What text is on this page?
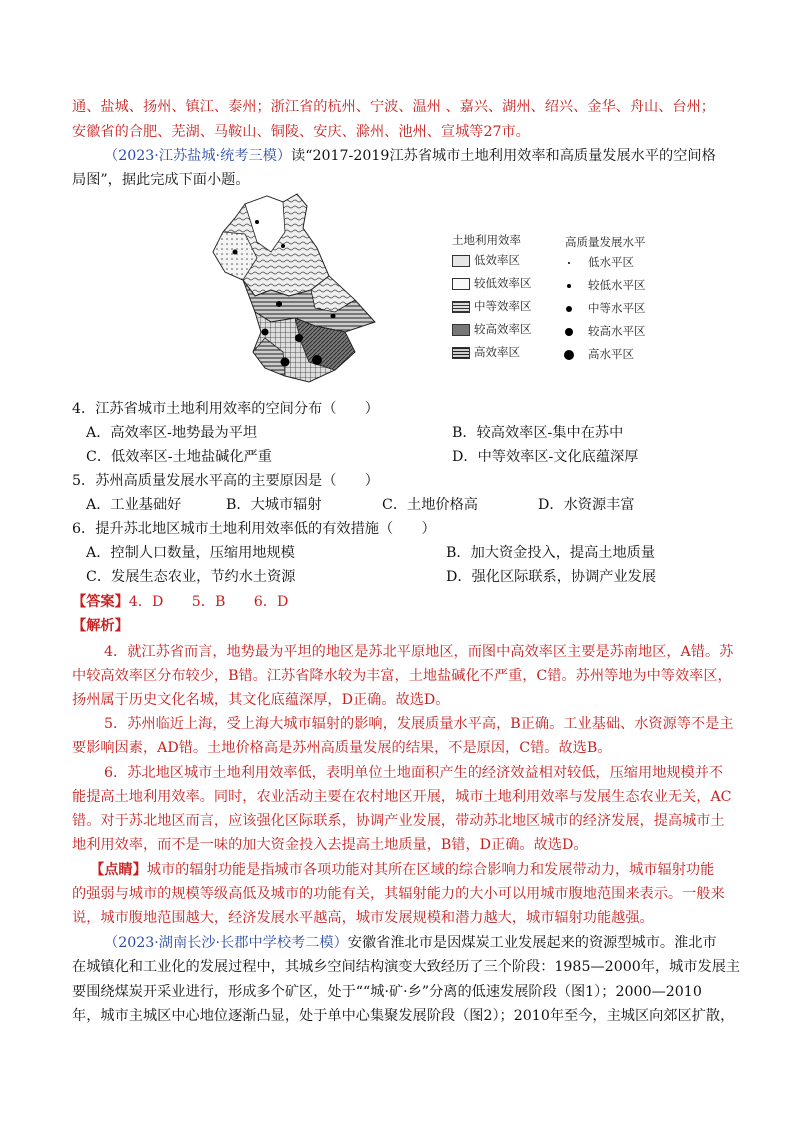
通、盐城、扬州、镇江、泰州；浙江省的杭州、宁波、温州 、嘉兴、湖州、绍兴、金华、舟山、台州；
安徽省的合肥、芜湖、马鞍山、铜陵、安庆、滁州、池州、宣城等27市。
（2023·江苏盐城·统考三模）读“2017-2019江苏省城市土地利用效率和高质量发展水平的空间格
局图”，据此完成下面小题。
土地利用效率
低效率区
较低效率区
中等效率区
较高效率区
高效率区
高质量发展水平
低水平区
较低水平区
中等水平区
较高水平区
高水平区
4．江苏省城市土地利用效率的空间分布（　　）
A．高效率区-地势最为平坦	B．较高效率区-集中在苏中
C．低效率区-土地盐碱化严重	D．中等效率区-文化底蕴深厚
5．苏州高质量发展水平高的主要原因是（　　）
A．工业基础好	B．大城市辐射	C．土地价格高	D．水资源丰富
6．提升苏北地区城市土地利用效率低的有效措施（　　）
A．控制人口数量，压缩用地规模	B．加大资金投入，提高土地质量
C．发展生态农业，节约水土资源	D．强化区际联系，协调产业发展
【答案】4．D　　5．B　　6．D
【解析】
4．就江苏省而言，地势最为平坦的地区是苏北平原地区，而图中高效率区主要是苏南地区，A错。苏
中较高效率区分布较少，B错。江苏省降水较为丰富，土地盐碱化不严重，C错。苏州等地为中等效率区，
扬州属于历史文化名城，其文化底蕴深厚，D正确。故选D。
5．苏州临近上海，受上海大城市辐射的影响，发展质量水平高，B正确。工业基础、水资源等不是主
要影响因素，AD错。土地价格高是苏州高质量发展的结果，不是原因，C错。故选B。
6．苏北地区城市土地利用效率低，表明单位土地面积产生的经济效益相对较低，压缩用地规模并不
能提高土地利用效率。同时，农业活动主要在农村地区开展，城市土地利用效率与发展生态农业无关，AC
错。对于苏北地区而言，应该强化区际联系，协调产业发展，带动苏北地区城市的经济发展，提高城市土
地利用效率，而不是一味的加大资金投入去提高土地质量，B错，D正确。故选D。
【点睛】城市的辐射功能是指城市各项功能对其所在区域的综合影响力和发展带动力，城市辐射功能
的强弱与城市的规模等级高低及城市的功能有关，其辐射能力的大小可以用城市腹地范围来表示。一般来
说，城市腹地范围越大，经济发展水平越高，城市发展规模和潜力越大，城市辐射功能越强。
（2023·湖南长沙·长郡中学校考二模）安徽省淮北市是因煤炭工业发展起来的资源型城市。淮北市
在城镇化和工业化的发展过程中，其城乡空间结构演变大致经历了三个阶段：1985—2000年，城市发展主
要围绕煤炭开采业进行，形成多个矿区，处于““城·矿·乡”分离的低速发展阶段（图1）；2000—2010
年，城市主城区中心地位逐渐凸显，处于单中心集聚发展阶段（图2）；2010年至今，主城区向郊区扩散，
